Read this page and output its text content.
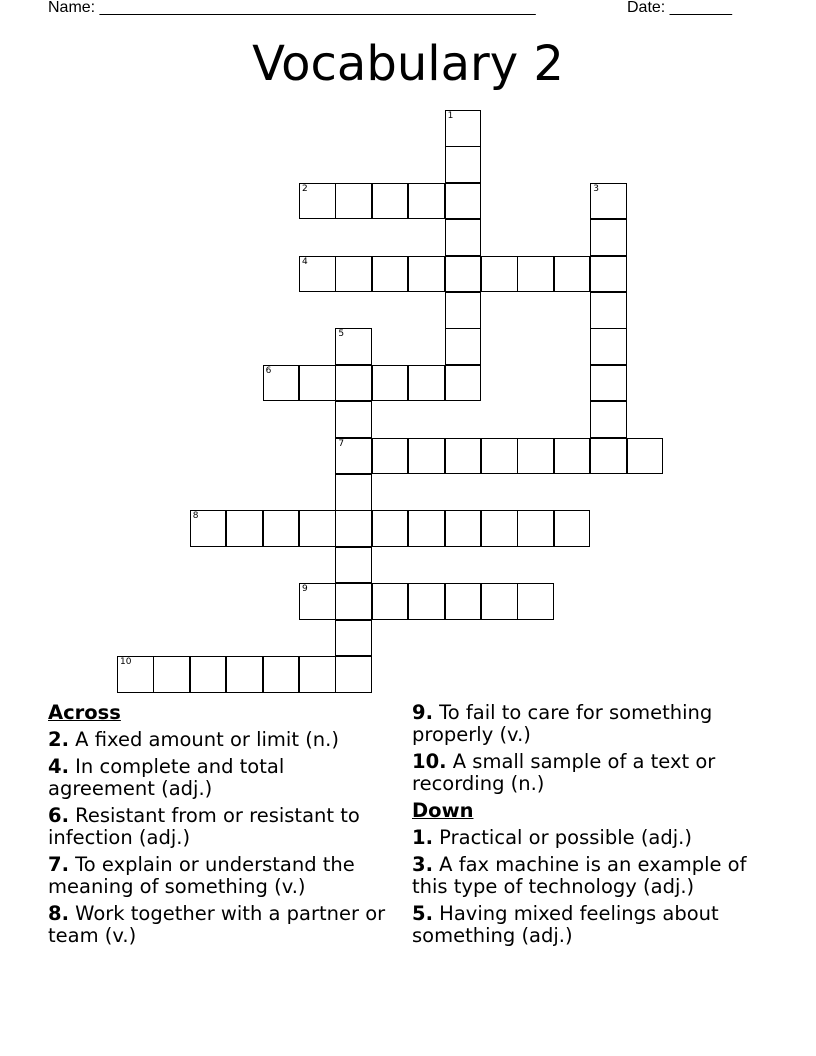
Name: _________________________________________________	Date: _______
Vocabulary 2
2
4
6
7
8
9
10
1
3
5
Across
2. A fixed amount or limit (n.)
4. In complete and total agreement (adj.)
6. Resistant from or resistant to infection (adj.)
7. To explain or understand the meaning of something (v.)
8. Work together with a partner or team (v.)
9. To fail to care for something properly (v.)
10. A small sample of a text or recording (n.)
Down
1. Practical or possible (adj.)
3. A fax machine is an example of this type of technology (adj.)
5. Having mixed feelings about something (adj.)
